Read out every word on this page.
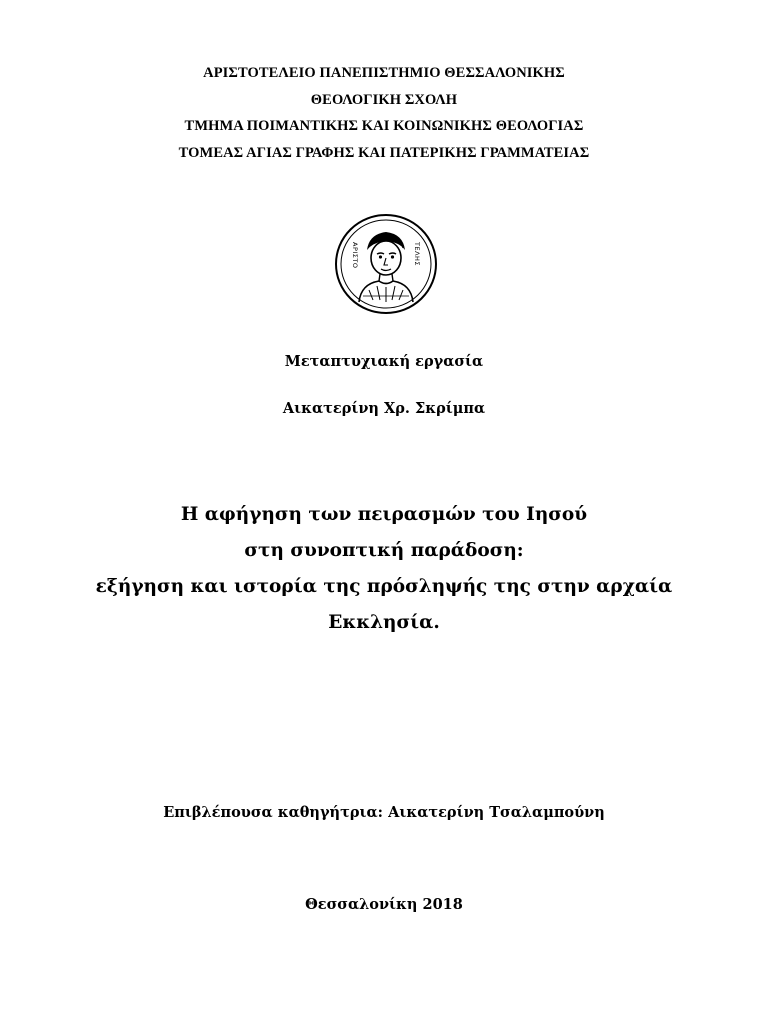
ΑΡΙΣΤΟΤΕΛΕΙΟ ΠΑΝΕΠΙΣΤΗΜΙΟ ΘΕΣΣΑΛΟΝΙΚΗΣ
ΘΕΟΛΟΓΙΚΗ ΣΧΟΛΗ
ΤΜΗΜΑ ΠΟΙΜΑΝΤΙΚΗΣ ΚΑΙ ΚΟΙΝΩΝΙΚΗΣ ΘΕΟΛΟΓΙΑΣ
ΤΟΜΕΑΣ ΑΓΙΑΣ ΓΡΑΦΗΣ ΚΑΙ ΠΑΤΕΡΙΚΗΣ ΓΡΑΜΜΑΤΕΙΑΣ
ΑΡΙΣΤΟ	ΤΕΛΗΣ
Μεταπτυχιακή εργασία
Αικατερίνη Χρ. Σκρίμπα
Η αφήγηση των πειρασμών του Ιησού
στη συνοπτική παράδοση:
εξήγηση και ιστορία της πρόσληψής της στην αρχαία
Εκκλησία.
Επιβλέπουσα καθηγήτρια: Αικατερίνη Τσαλαμπούνη
Θεσσαλονίκη 2018
